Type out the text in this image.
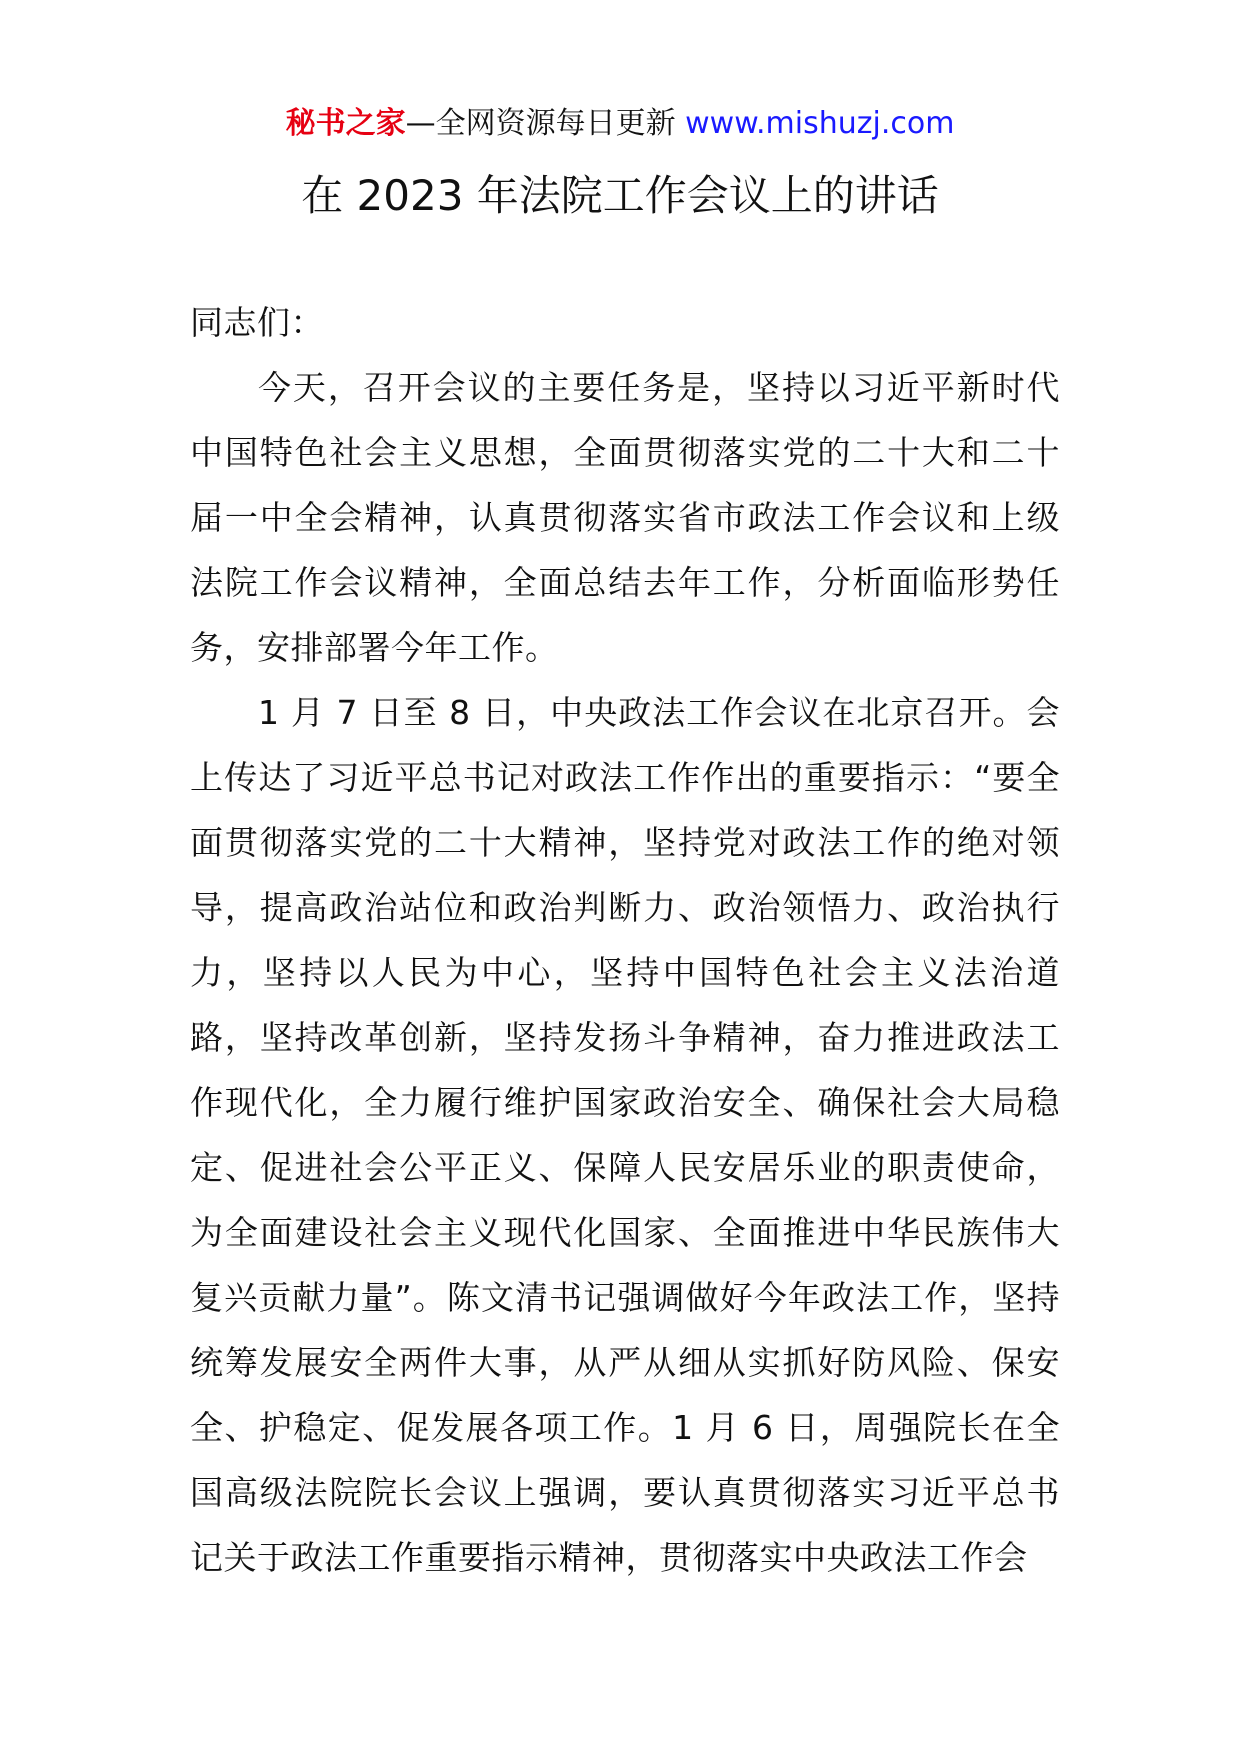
秘书之家—全网资源每日更新 www.mishuzj.com
在 2023 年法院工作会议上的讲话

同志们：

今天，召开会议的主要任务是，坚持以习近平新时代中国特色社会主义思想，全面贯彻落实党的二十大和二十届一中全会精神，认真贯彻落实省市政法工作会议和上级法院工作会议精神，全面总结去年工作，分析面临形势任务，安排部署今年工作。

1 月 7 日至 8 日，中央政法工作会议在北京召开。会上传达了习近平总书记对政法工作作出的重要指示：“要全面贯彻落实党的二十大精神，坚持党对政法工作的绝对领导，提高政治站位和政治判断力、政治领悟力、政治执行力，坚持以人民为中心，坚持中国特色社会主义法治道路，坚持改革创新，坚持发扬斗争精神，奋力推进政法工作现代化，全力履行维护国家政治安全、确保社会大局稳定、促进社会公平正义、保障人民安居乐业的职责使命，为全面建设社会主义现代化国家、全面推进中华民族伟大复兴贡献力量”。陈文清书记强调做好今年政法工作，坚持统筹发展安全两件大事，从严从细从实抓好防风险、保安全、护稳定、促发展各项工作。1 月 6 日，周强院长在全国高级法院院长会议上强调，要认真贯彻落实习近平总书记关于政法工作重要指示精神，贯彻落实中央政法工作会
